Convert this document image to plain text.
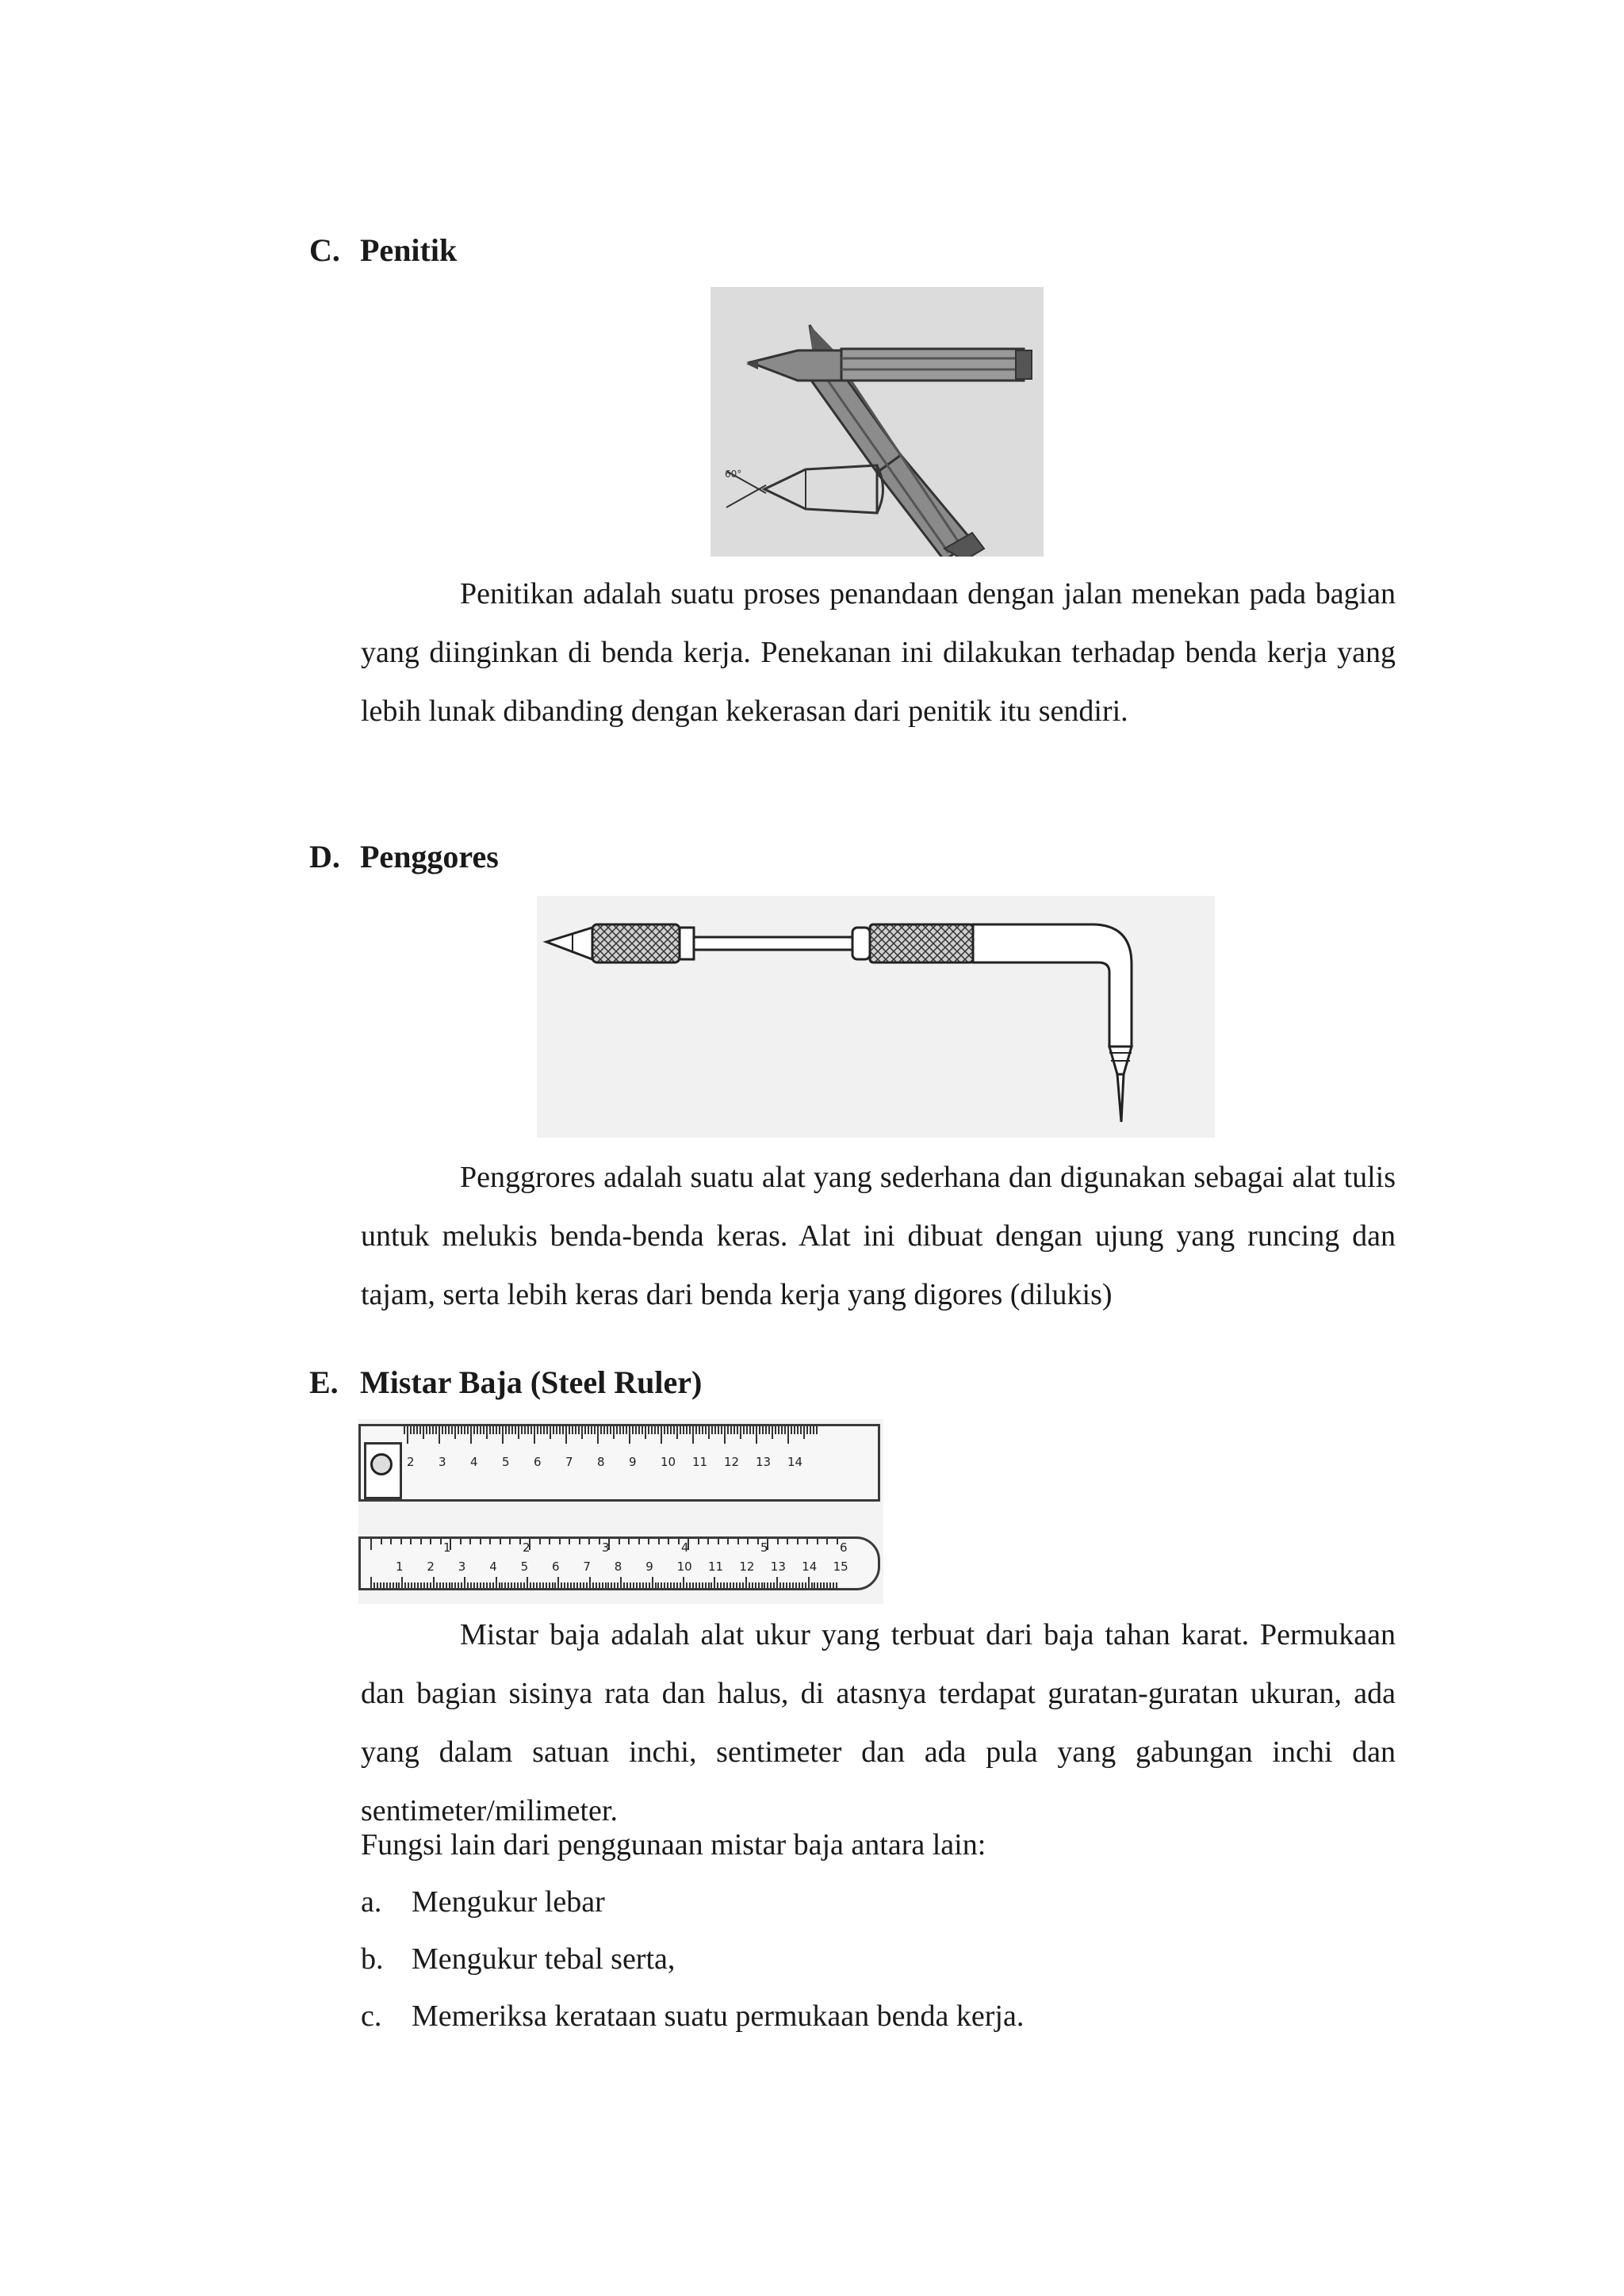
C. Penitik
60°

Penitikan adalah suatu proses penandaan dengan jalan menekan pada bagian yang diinginkan di benda kerja. Penekanan ini dilakukan terhadap benda kerja yang lebih lunak dibanding dengan kekerasan dari penitik itu sendiri.

D. Penggores

Penggrores adalah suatu alat yang sederhana dan digunakan sebagai alat tulis untuk melukis benda-benda keras. Alat ini dibuat dengan ujung yang runcing dan tajam, serta lebih keras dari benda kerja yang digores (dilukis)

E. Mistar Baja (Steel Ruler)
2 3 4 5 6 7 8 9 10 11 12 13 14
1	2	3	4	5	6
1 2 3 4 5 6 7 8 9 10 11 12 13 14 15

Mistar baja adalah alat ukur yang terbuat dari baja tahan karat. Permukaan dan bagian sisinya rata dan halus, di atasnya terdapat guratan-guratan ukuran, ada yang dalam satuan inchi, sentimeter dan ada pula yang gabungan inchi dan sentimeter/milimeter.

Fungsi lain dari penggunaan mistar baja antara lain:

a. Mengukur lebar
b. Mengukur tebal serta,
c. Memeriksa kerataan suatu permukaan benda kerja.
